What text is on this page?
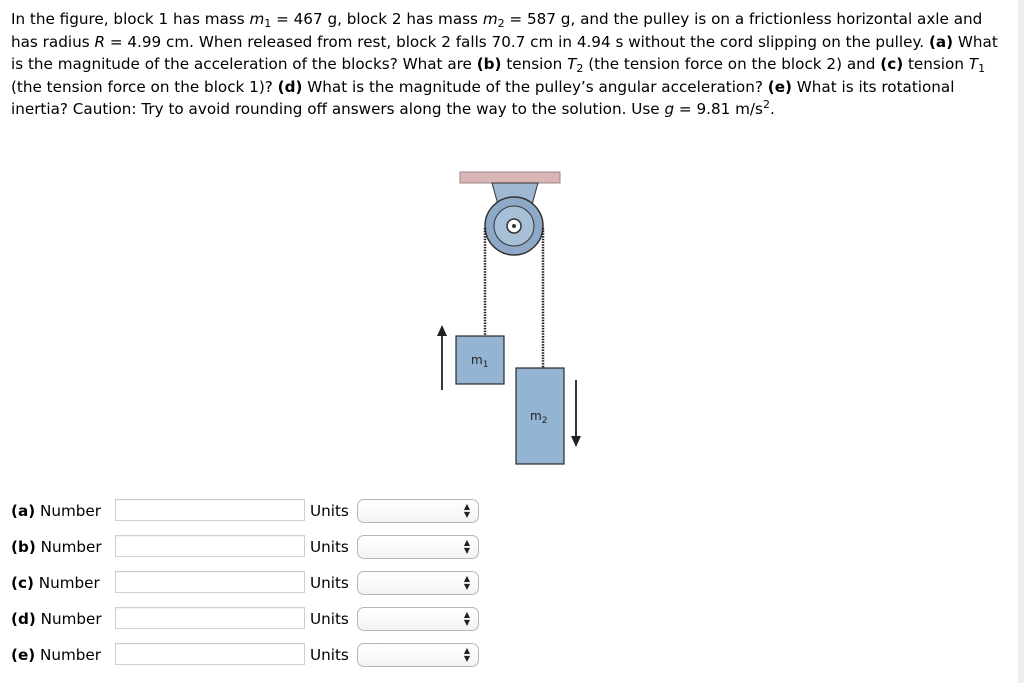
In the figure, block 1 has mass $m_1 = 467$ g, block 2 has mass $m_2 = 587$ g, and the pulley is on a frictionless horizontal axle and has radius R = 4.99 cm. When released from rest, block 2 falls 70.7 cm in 4.94 s without the cord slipping on the pulley. (a) What is the magnitude of the acceleration of the blocks? What are (b) tension $T_2$ (the tension force on the block 2) and (c) tension $T_1$ (the tension force on the block 1)? (d) What is the magnitude of the pulley’s angular acceleration? (e) What is its rotational inertia? Caution: Try to avoid rounding off answers along the way to the solution. Use g = 9.81 $m/s^2$.

$m_1$
$m_2$
(a) Number	Units	▲
▼
(b) Number	Units	▲
▼
(c) Number	Units	▲
▼
(d) Number	Units	▲
▼
(e) Number	Units	▲
▼
